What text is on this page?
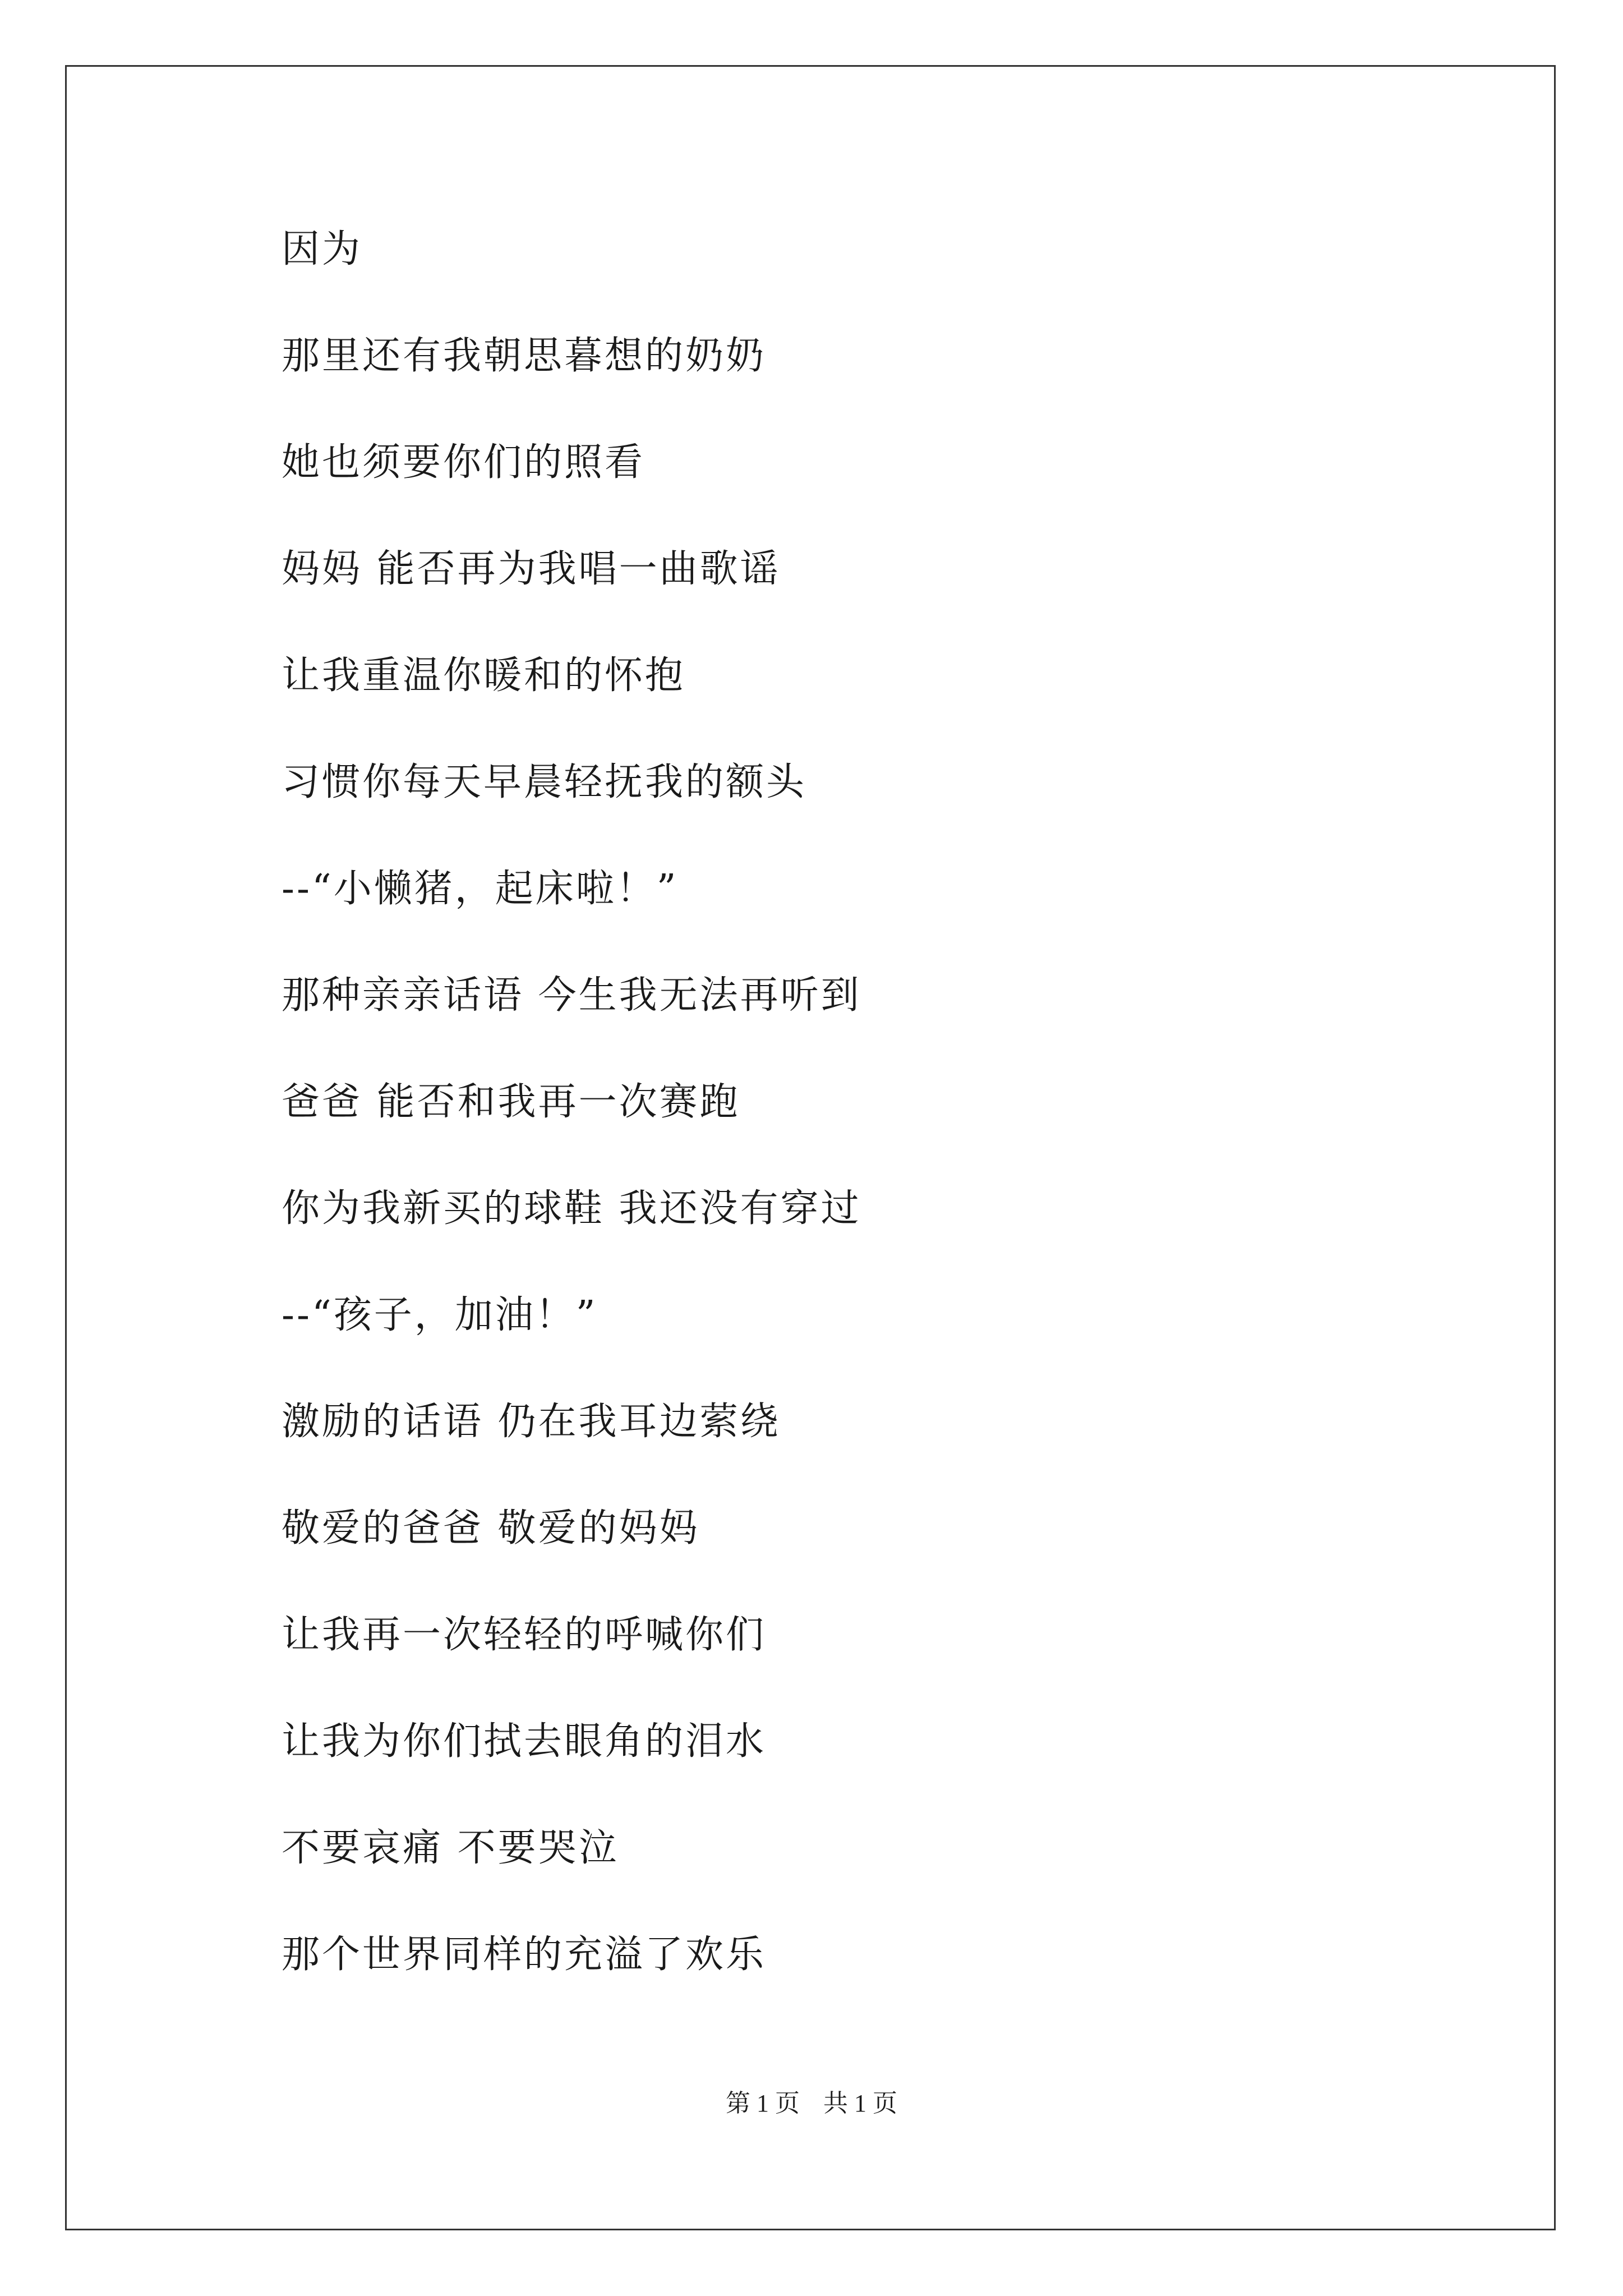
因为

那里还有我朝思暮想的奶奶

她也须要你们的照看

妈妈 能否再为我唱一曲歌谣

让我重温你暖和的怀抱

习惯你每天早晨轻抚我的额头

--“小懒猪，起床啦！”

那种亲亲话语 今生我无法再听到

爸爸 能否和我再一次赛跑

你为我新买的球鞋 我还没有穿过

--“孩子，加油！”

激励的话语 仍在我耳边萦绕

敬爱的爸爸 敬爱的妈妈

让我再一次轻轻的呼喊你们

让我为你们拭去眼角的泪水

不要哀痛 不要哭泣

那个世界同样的充溢了欢乐

第 1 页 共 1 页
